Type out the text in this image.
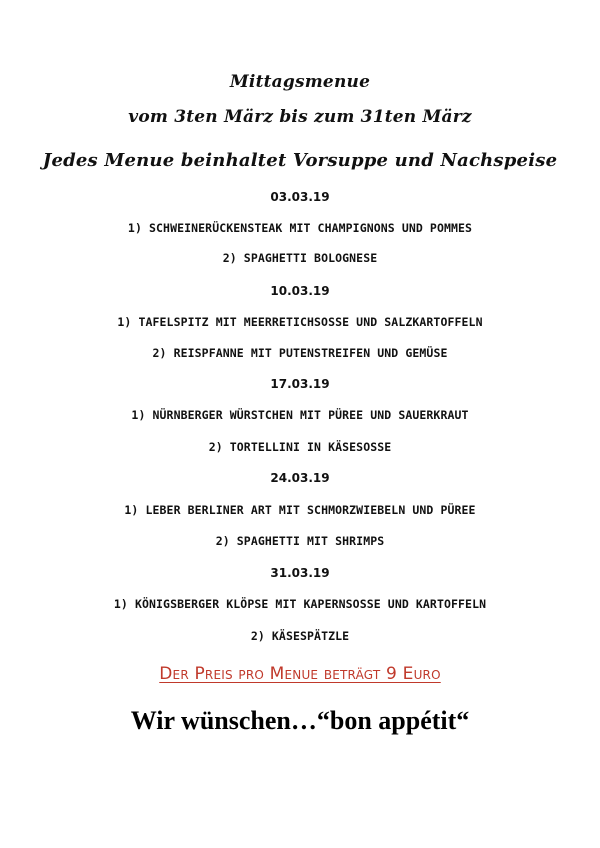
Mittagsmenue
vom 3ten März bis zum 31ten März
Jedes Menue beinhaltet Vorsuppe und Nachspeise
03.03.19
1) SCHWEINERÜCKENSTEAK MIT CHAMPIGNONS UND POMMES
2) SPAGHETTI BOLOGNESE
10.03.19
1) TAFELSPITZ MIT MEERRETICHSOSSE UND SALZKARTOFFELN
2) REISPFANNE MIT PUTENSTREIFEN UND GEMÜSE
17.03.19
1) NÜRNBERGER WÜRSTCHEN MIT PÜREE UND SAUERKRAUT
2) TORTELLINI IN KÄSESOSSE
24.03.19
1) LEBER BERLINER ART MIT SCHMORZWIEBELN UND PÜREE
2) SPAGHETTI MIT SHRIMPS
31.03.19
1) KÖNIGSBERGER KLÖPSE MIT KAPERNSOSSE UND KARTOFFELN
2) KÄSESPÄTZLE
Der Preis pro Menue beträgt 9 Euro
Wir wünschen…“bon appétit“
